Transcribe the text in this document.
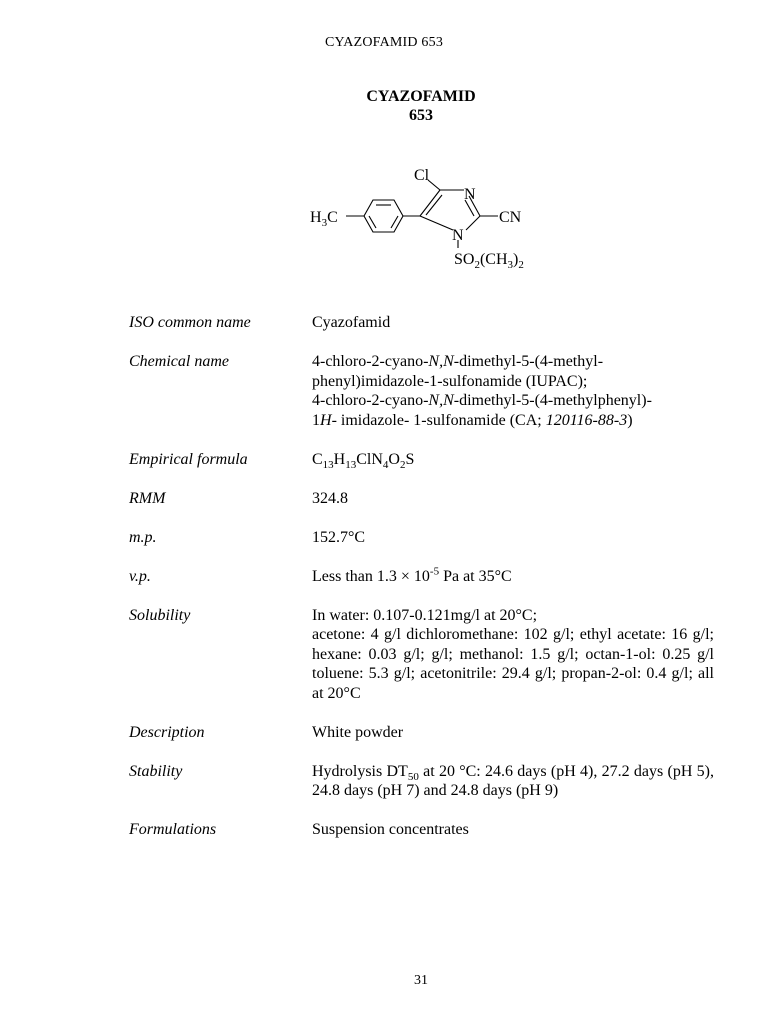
CYAZOFAMID 653
CYAZOFAMID
653
Cl
N
N
CN
$H_3C$
$SO_2(CH_3)_2$
ISO common name	Cyazofamid
Chemical name	4-chloro-2-cyano-N,N-dimethyl-5-(4-methyl-
phenyl)imidazole-1-sulfonamide (IUPAC);
4-chloro-2-cyano-N,N-dimethyl-5-(4-methylphenyl)-
1H- imidazole- 1-sulfonamide (CA; 120116-88-3)
Empirical formula	$C_{13}H_{13}ClN_4O_2S$
RMM	324.8
m.p.	152.7°C
v.p.	Less than $1.3 \times 10^{-5}$ Pa at 35°C
Solubility	In water: 0.107-0.121mg/l at 20°C;
acetone: 4 g/l dichloromethane: 102 g/l; ethyl acetate: 16 g/l; hexane: 0.03 g/l; g/l; methanol: 1.5 g/l; octan-1-ol: 0.25 g/l toluene: 5.3 g/l; acetonitrile: 29.4 g/l; propan-2-ol: 0.4 g/l; all at 20°C
Description	White powder
Stability	Hydrolysis $DT_{50}$ at 20 °C: 24.6 days (pH 4), 27.2 days (pH 5), 24.8 days (pH 7) and 24.8 days (pH 9)
Formulations	Suspension concentrates
31
